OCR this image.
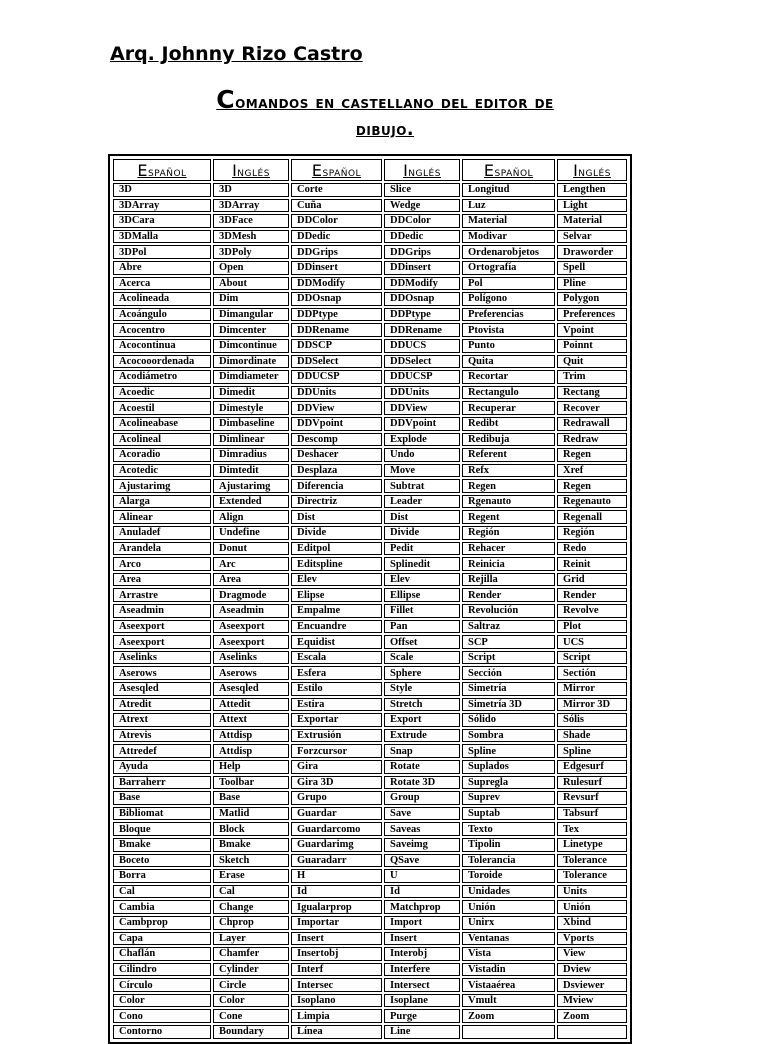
Arq. Johnny Rizo Castro
Comandos en castellano del editor de
dibujo.
Español	Inglés	Español	Inglés	Español	Inglés
3D	3D	Corte	Slice	Longitud	Lengthen
3DArray	3DArray	Cuña	Wedge	Luz	Light
3DCara	3DFace	DDColor	DDColor	Material	Material
3DMalla	3DMesh	DDedic	DDedic	Modivar	Selvar
3DPol	3DPoly	DDGrips	DDGrips	Ordenarobjetos	Draworder
Abre	Open	DDinsert	DDinsert	Ortografía	Spell
Acerca	About	DDModify	DDModify	Pol	Pline
Acolineada	Dim	DDOsnap	DDOsnap	Polígono	Polygon
Acoángulo	Dimangular	DDPtype	DDPtype	Preferencias	Preferences
Acocentro	Dimcenter	DDRename	DDRename	Ptovista	Vpoint
Acocontinua	Dimcontinue	DDSCP	DDUCS	Punto	Poinnt
Acocooordenada	Dimordinate	DDSelect	DDSelect	Quita	Quit
Acodiámetro	Dimdiameter	DDUCSP	DDUCSP	Recortar	Trim
Acoedic	Dimedit	DDUnits	DDUnits	Rectangulo	Rectang
Acoestil	Dimestyle	DDView	DDView	Recuperar	Recover
Acolineabase	Dimbaseline	DDVpoint	DDVpoint	Redibt	Redrawall
Acolineal	Dimlinear	Descomp	Explode	Redibuja	Redraw
Acoradio	Dimradius	Deshacer	Undo	Referent	Regen
Acotedic	Dimtedit	Desplaza	Move	Refx	Xref
Ajustarimg	Ajustarimg	Diferencia	Subtrat	Regen	Regen
Alarga	Extended	Directriz	Leader	Rgenauto	Regenauto
Alinear	Align	Dist	Dist	Regent	Regenall
Anuladef	Undefine	Divide	Divide	Región	Región
Arandela	Donut	Editpol	Pedit	Rehacer	Redo
Arco	Arc	Editspline	Splinedit	Reinicia	Reinit
Area	Area	Elev	Elev	Rejilla	Grid
Arrastre	Dragmode	Elipse	Ellipse	Render	Render
Aseadmin	Aseadmin	Empalme	Fillet	Revolución	Revolve
Aseexport	Aseexport	Encuandre	Pan	Saltraz	Plot
Aseexport	Aseexport	Equidist	Offset	SCP	UCS
Aselinks	Aselinks	Escala	Scale	Script	Script
Aserows	Aserows	Esfera	Sphere	Sección	Sectión
Asesqled	Asesqled	Estilo	Style	Simetría	Mirror
Atredit	Attedit	Estira	Stretch	Simetría 3D	Mirror 3D
Atrext	Attext	Exportar	Export	Sólido	Sólis
Atrevis	Attdisp	Extrusión	Extrude	Sombra	Shade
Attredef	Attdisp	Forzcursor	Snap	Spline	Spline
Ayuda	Help	Gira	Rotate	Suplados	Edgesurf
Barraherr	Toolbar	Gira 3D	Rotate 3D	Supregla	Rulesurf
Base	Base	Grupo	Group	Suprev	Revsurf
Bibliomat	Matlid	Guardar	Save	Suptab	Tabsurf
Bloque	Block	Guardarcomo	Saveas	Texto	Tex
Bmake	Bmake	Guardarimg	Saveimg	Tipolin	Linetype
Boceto	Sketch	Guaradarr	QSave	Tolerancia	Tolerance
Borra	Erase	H	U	Toroide	Tolerance
Cal	Cal	Id	Id	Unidades	Units
Cambia	Change	Igualarprop	Matchprop	Unión	Unión
Cambprop	Chprop	Importar	Import	Unirx	Xbind
Capa	Layer	Insert	Insert	Ventanas	Vports
Chaflán	Chamfer	Insertobj	Interobj	Vista	View
Cilindro	Cylinder	Interf	Interfere	Vistadin	Dview
Círculo	Circle	Intersec	Intersect	Vistaaérea	Dsviewer
Color	Color	Isoplano	Isoplane	Vmult	Mview
Cono	Cone	Limpia	Purge	Zoom	Zoom
Contorno	Boundary	Línea	Line		
